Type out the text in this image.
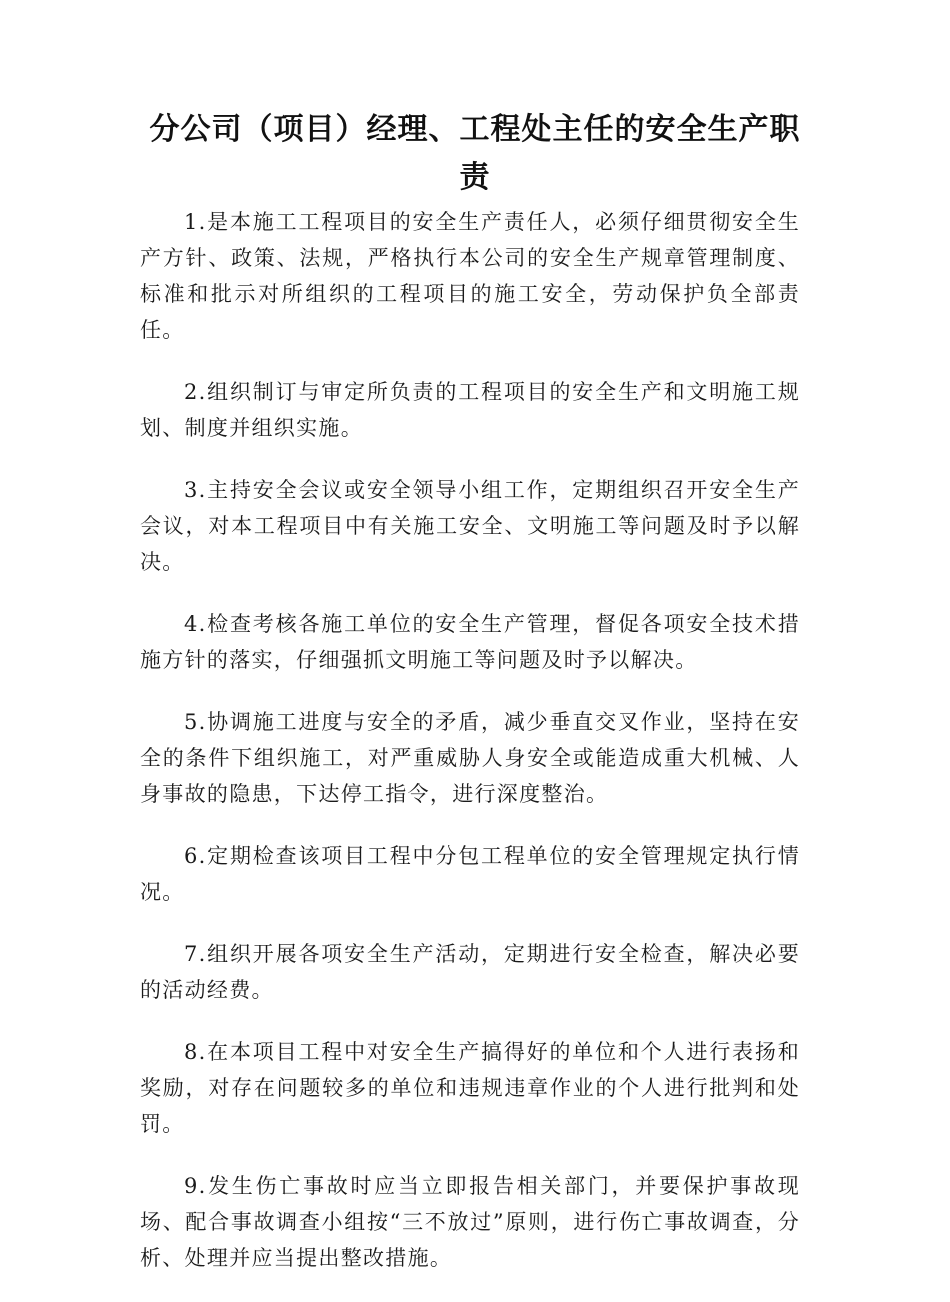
分公司（项目）经理、工程处主任的安全生产职责

1.是本施工工程项目的安全生产责任人，必须仔细贯彻安全生产方针、政策、法规，严格执行本公司的安全生产规章管理制度、标准和批示对所组织的工程项目的施工安全，劳动保护负全部责任。

2.组织制订与审定所负责的工程项目的安全生产和文明施工规划、制度并组织实施。

3.主持安全会议或安全领导小组工作，定期组织召开安全生产会议，对本工程项目中有关施工安全、文明施工等问题及时予以解决。

4.检查考核各施工单位的安全生产管理，督促各项安全技术措施方针的落实，仔细强抓文明施工等问题及时予以解决。

5.协调施工进度与安全的矛盾，减少垂直交叉作业，坚持在安全的条件下组织施工，对严重威胁人身安全或能造成重大机械、人身事故的隐患，下达停工指令，进行深度整治。

6.定期检查该项目工程中分包工程单位的安全管理规定执行情况。

7.组织开展各项安全生产活动，定期进行安全检查，解决必要的活动经费。

8.在本项目工程中对安全生产搞得好的单位和个人进行表扬和奖励，对存在问题较多的单位和违规违章作业的个人进行批判和处罚。

9.发生伤亡事故时应当立即报告相关部门，并要保护事故现场、配合事故调查小组按“三不放过”原则，进行伤亡事故调查，分析、处理并应当提出整改措施。
